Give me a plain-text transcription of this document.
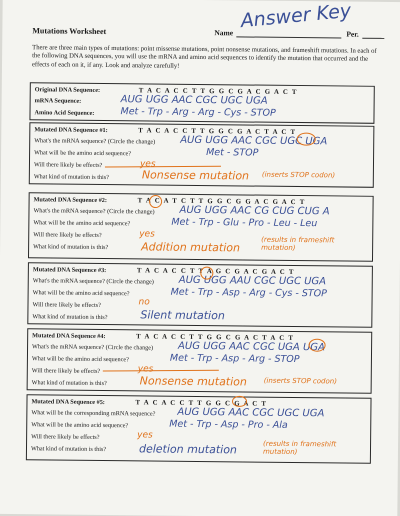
Mutations Worksheet	Name
Answer Key
Per.
There are three main types of mutations: point missense mutations, point nonsense mutations, and frameshift mutations. In each of the following DNA sequences, you will use the mRNA and amino acid sequences to identify the mutation that occurred and the effects of each on it, if any. Look and analyze carefully!
Original DNA Sequence:	T A C A C C T T G G C G A C G A C T
mRNA Sequence:	AUG UGG AAC CGC UGC UGA
Amino Acid Sequence:	Met - Trp - Arg - Arg - Cys - STOP
Mutated DNA Sequence #1:	T A C A C C T T G G C G A C T A C T
What's the mRNA sequence? (Circle the change) AUG UGG AAC CGC UGC UGA
What will be the amino acid sequence?	Met - STOP
Will there likely be effects?	yes
What kind of mutation is this?	Nonsense mutation (inserts STOP codon)
Mutated DNA Sequence #2:	T A C A T C T T G G C G G A C G A C T
What's the mRNA sequence? (Circle the change) AUG UGG AAC CG CUG CUG A
What will be the amino acid sequence?	Met - Trp - Glu - Pro - Leu - Leu
Will there likely be effects?	yes
What kind of mutation is this?	Addition mutation
(results in frameshift mutation)
Mutated DNA Sequence #3:	T A C A C C T T A G C G A C G A C T
What's the mRNA sequence? (Circle the change) AUG UGG AAU CGC UGC UGA
What will be the amino acid sequence?	Met - Trp - Asp - Arg - Cys - STOP
Will there likely be effects?	no
What kind of mutation is this?	Silent mutation
Mutated DNA Sequence #4:	T A C A C C T T G G C G A C T A C T
What's the mRNA sequence? (Circle the change) AUG UGG AAC CGC UGA UGA
What will be the amino acid sequence?	Met - Trp - Asp - Arg - STOP
Will there likely be effects?	yes
What kind of mutation is this?	Nonsense mutation (inserts STOP codon)
Mutated DNA Sequence #5:	T A C A C C T T G G C G A C T
What will be the corresponding mRNA sequence? AUG UGG AAC CGC UGC UGA
What will be the amino acid sequence?	Met - Trp - Asp - Pro - Ala
Will there likely be effects?	yes
What kind of mutation is this?	deletion mutation	(results in frameshift mutation)
